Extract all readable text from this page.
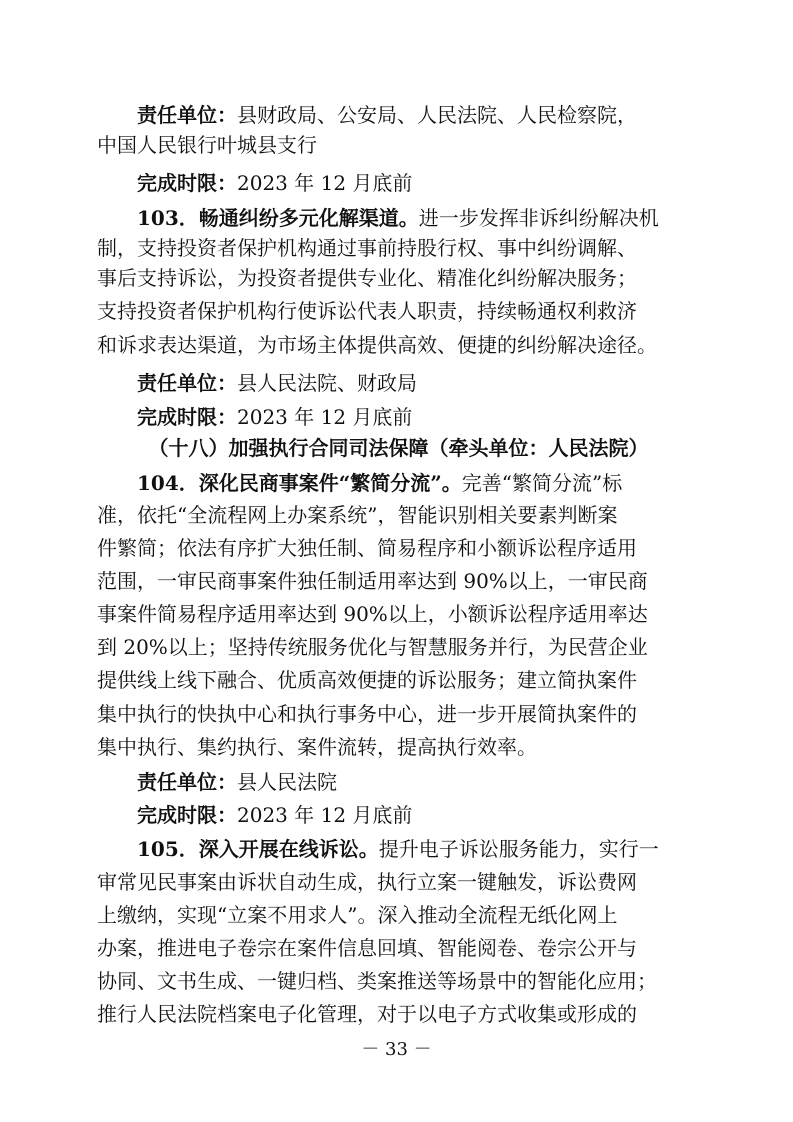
责任单位：县财政局、公安局、人民法院、人民检察院，
中国人民银行叶城县支行
完成时限：2023 年 12 月底前
103．畅通纠纷多元化解渠道。进一步发挥非诉纠纷解决机
制，支持投资者保护机构通过事前持股行权、事中纠纷调解、
事后支持诉讼，为投资者提供专业化、精准化纠纷解决服务；
支持投资者保护机构行使诉讼代表人职责，持续畅通权利救济
和诉求表达渠道，为市场主体提供高效、便捷的纠纷解决途径。
责任单位：县人民法院、财政局
完成时限：2023 年 12 月底前
（十八）加强执行合同司法保障（牵头单位：人民法院）
104．深化民商事案件“繁简分流”。完善“繁简分流”标
准，依托“全流程网上办案系统”，智能识别相关要素判断案
件繁简；依法有序扩大独任制、简易程序和小额诉讼程序适用
范围，一审民商事案件独任制适用率达到 90%以上，一审民商
事案件简易程序适用率达到 90%以上，小额诉讼程序适用率达
到 20%以上；坚持传统服务优化与智慧服务并行，为民营企业
提供线上线下融合、优质高效便捷的诉讼服务；建立简执案件
集中执行的快执中心和执行事务中心，进一步开展简执案件的
集中执行、集约执行、案件流转，提高执行效率。
责任单位：县人民法院
完成时限：2023 年 12 月底前
105．深入开展在线诉讼。提升电子诉讼服务能力，实行一
审常见民事案由诉状自动生成，执行立案一键触发，诉讼费网
上缴纳，实现“立案不用求人”。深入推动全流程无纸化网上
办案，推进电子卷宗在案件信息回填、智能阅卷、卷宗公开与
协同、文书生成、一键归档、类案推送等场景中的智能化应用；
推行人民法院档案电子化管理，对于以电子方式收集或形成的
－ 33 －
